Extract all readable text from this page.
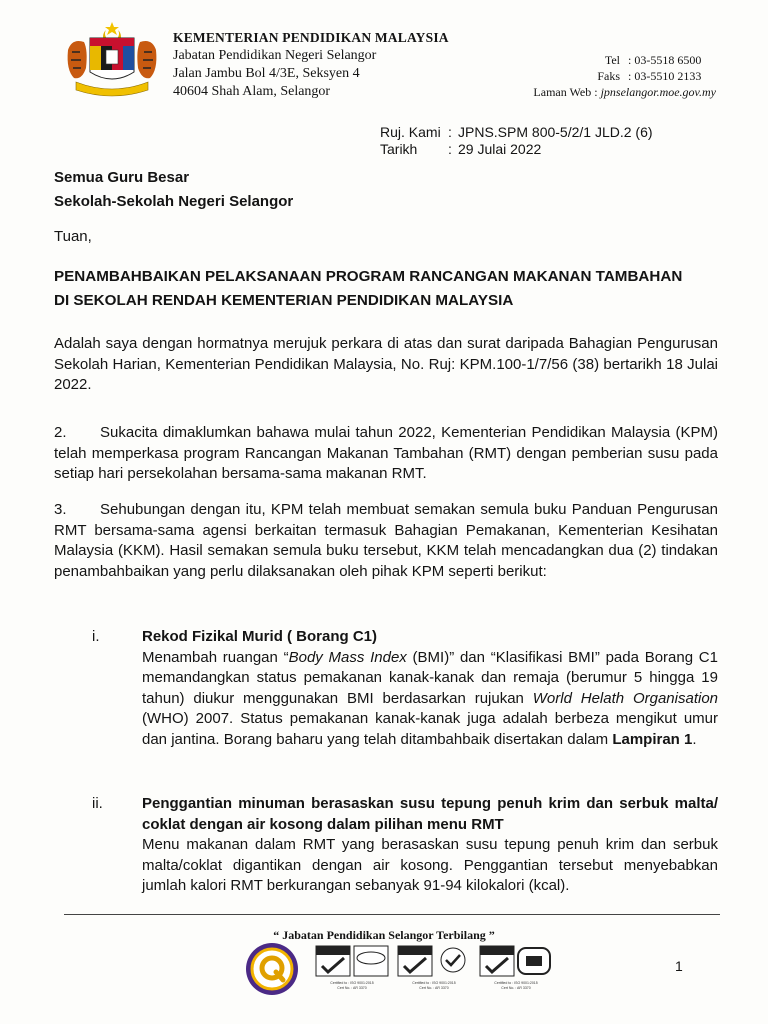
KEMENTERIAN PENDIDIKAN MALAYSIA
Jabatan Pendidikan Negeri Selangor
Jalan Jambu Bol 4/3E, Seksyen 4
40604 Shah Alam, Selangor
Tel : 03-5518 6500
Faks : 03-5510 2133
Laman Web : jpnselangor.moe.gov.my
Ruj. Kami : JPNS.SPM 800-5/2/1 JLD.2 (6)
Tarikh	: 29 Julai 2022
Semua Guru Besar
Sekolah-Sekolah Negeri Selangor
Tuan,
PENAMBAHBAIKAN PELAKSANAAN PROGRAM RANCANGAN MAKANAN TAMBAHAN
DI SEKOLAH RENDAH KEMENTERIAN PENDIDIKAN MALAYSIA
Adalah saya dengan hormatnya merujuk perkara di atas dan surat daripada Bahagian Pengurusan Sekolah Harian, Kementerian Pendidikan Malaysia, No. Ruj: KPM.100-1/7/56 (38) bertarikh 18 Julai 2022.
2. Sukacita dimaklumkan bahawa mulai tahun 2022, Kementerian Pendidikan Malaysia (KPM) telah memperkasa program Rancangan Makanan Tambahan (RMT) dengan pemberian susu pada setiap hari persekolahan bersama-sama makanan RMT.
3. Sehubungan dengan itu, KPM telah membuat semakan semula buku Panduan Pengurusan RMT bersama-sama agensi berkaitan termasuk Bahagian Pemakanan, Kementerian Kesihatan Malaysia (KKM). Hasil semakan semula buku tersebut, KKM telah mencadangkan dua (2) tindakan penambahbaikan yang perlu dilaksanakan oleh pihak KPM seperti berikut:
i.	Rekod Fizikal Murid ( Borang C1)
Menambah ruangan “Body Mass Index (BMI)” dan “Klasifikasi BMI” pada Borang C1 memandangkan status pemakanan kanak-kanak dan remaja (berumur 5 hingga 19 tahun) diukur menggunakan BMI berdasarkan rujukan World Helath Organisation (WHO) 2007. Status pemakanan kanak-kanak juga adalah berbeza mengikut umur dan jantina. Borang baharu yang telah ditambahbaik disertakan dalam Lampiran 1.
ii.	Penggantian minuman berasaskan susu tepung penuh krim dan serbuk malta/ coklat dengan air kosong dalam pilihan menu RMT
Menu makanan dalam RMT yang berasaskan susu tepung penuh krim dan serbuk malta/coklat digantikan dengan air kosong. Penggantian tersebut menyebabkan jumlah kalori RMT berkurangan sebanyak 91-94 kilokalori (kcal).
“ Jabatan Pendidikan Selangor Terbilang ”
Certified to : ISO 9001:2015
Cert No. : AR 3370
Certified to : ISO 9001:2015
Cert No. : AR 3370
Certified to : ISO 9001:2015
Cert No. : AR 3370
1
